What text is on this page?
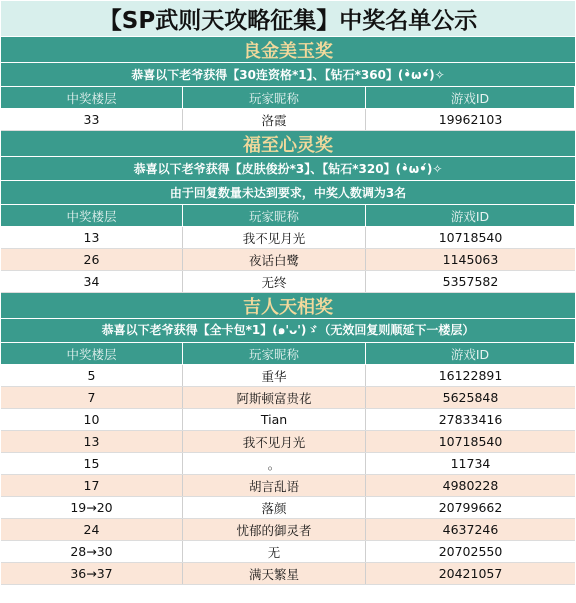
【SP武则天攻略征集】中奖名单公示
良金美玉奖
恭喜以下老爷获得【30连资格*1】、【钻石*360】(•̀ω•́)✧
中奖楼层	玩家昵称	游戏ID
33	洛霞	19962103
福至心灵奖
恭喜以下老爷获得【皮肤俊扮*3】、【钻石*320】(•̀ω•́)✧
由于回复数量未达到要求，中奖人数调为3名
中奖楼层	玩家昵称	游戏ID
13	我不见月光	10718540
26	夜话白鹭	1145063
34	无终	5357582
吉人天相奖
恭喜以下老爷获得【全卡包*1】(๑'ᴗ')ゞ（无效回复则顺延下一楼层）
中奖楼层	玩家昵称	游戏ID
5	重华	16122891
7	阿斯顿富贵花	5625848
10	Tian	27833416
13	我不见月光	10718540
15	。	11734
17	胡言乱语	4980228
19→20	落颜	20799662
24	忧郁的御灵者	4637246
28→30	无	20702550
36→37	满天繁星	20421057
